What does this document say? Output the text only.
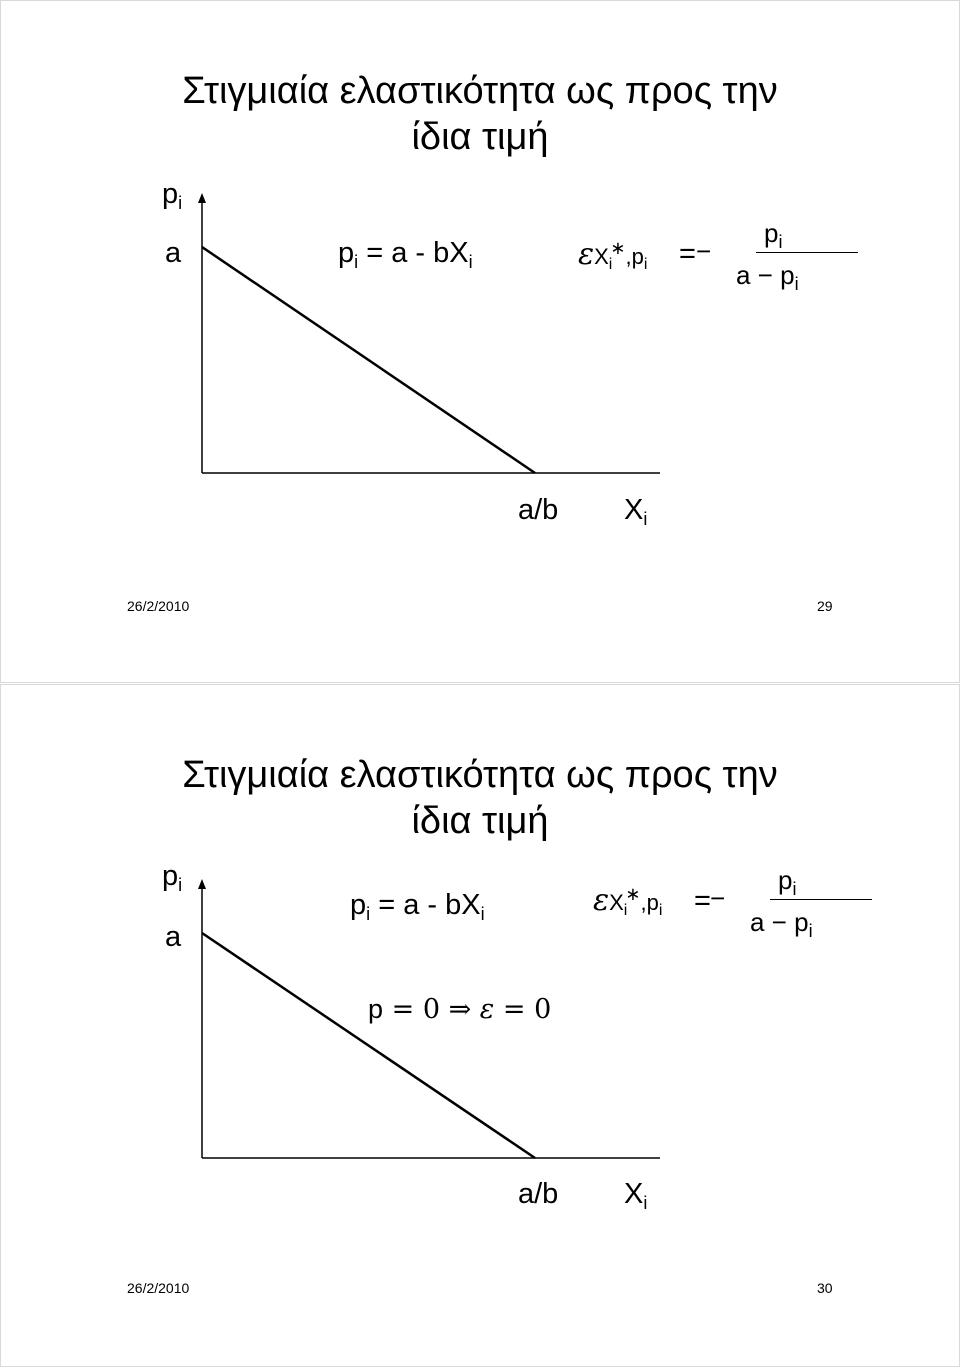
Στιγμιαία ελαστικότητα ως προς την
ίδια τιμή
$p_i$
a	$p_i = a - bX_i$	εXi∗,pi = −
$p_i$
$a - p_i$
a/b $X_i$
26/2/2010	29
Στιγμιαία ελαστικότητα ως προς την
ίδια τιμή
$p_i$
a
$p_i = a - bX_i$	εXi∗,pi = −
$p_i$
$a - p_i$
p = 0 ⇒ ε = 0
a/b $X_i$
26/2/2010	30
